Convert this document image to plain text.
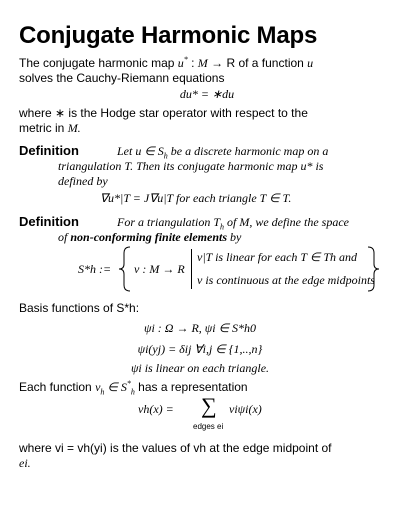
Conjugate Harmonic Maps
The conjugate harmonic map u* : M → R of a function u
solves the Cauchy-Riemann equations
du* = ∗du
where ∗ is the Hodge star operator with respect to the
metric in M.
Definition	Let u ∈ $S_h$ be a discrete harmonic map on a
triangulation T. Then its conjugate harmonic map u* is
defined by
∇u*|T = J∇u|T for each triangle T ∈ T.
Definition	For a triangulation $T_h$ of M, we define the space
of non-conforming finite elements by
S*h := v : M → R
v|T is linear for each T ∈ Th and
v is continuous at the edge midpoints
Basis functions of S*h:
ψi : Ω → R, ψi ∈ S*h0
ψi(yj) = δij ∀i,j ∈ {1,..,n}
ψi is linear on each triangle.
Each function $v_h$ ∈ $S^*_h$ has a representation
vh(x) = ∑
edges ei
viψi(x)
where vi = vh(yi) is the values of vh at the edge midpoint of
ei.
